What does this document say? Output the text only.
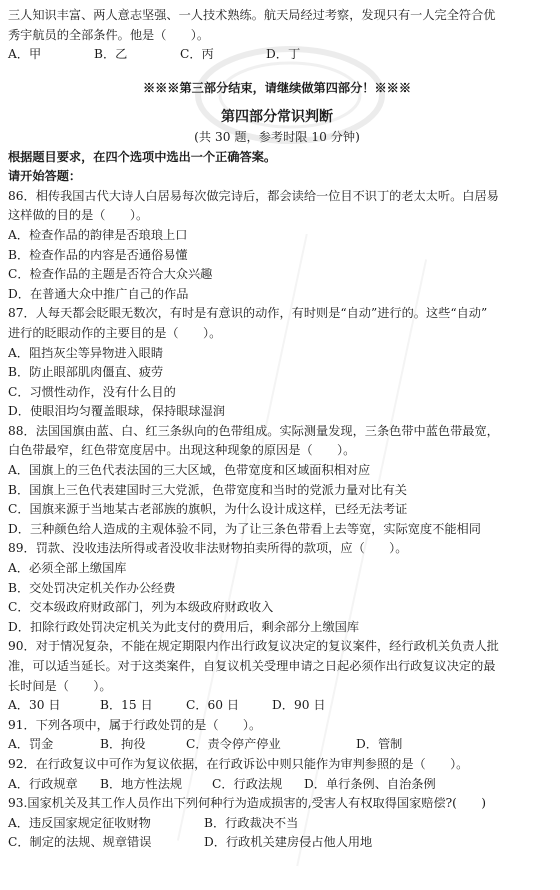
三人知识丰富、两人意志坚强、一人技术熟练。航天局经过考察，发现只有一人完全符合优
秀宇航员的全部条件。他是（　　）。
A．甲	B．乙	C．丙	D．丁
※※※第三部分结束，请继续做第四部分！※※※
第四部分常识判断
(共 30 题，参考时限 10 分钟)
根据题目要求，在四个选项中选出一个正确答案。
请开始答题：
86．相传我国古代大诗人白居易每次做完诗后，都会读给一位目不识丁的老太太听。白居易
这样做的目的是（　　）。
A．检查作品的韵律是否琅琅上口
B．检查作品的内容是否通俗易懂
C．检查作品的主题是否符合大众兴趣
D．在普通大众中推广自己的作品
87．人每天都会眨眼无数次，有时是有意识的动作，有时则是“自动”进行的。这些“自动”
进行的眨眼动作的主要目的是（　　）。
A．阻挡灰尘等异物进入眼睛
B．防止眼部肌肉僵直、疲劳
C．习惯性动作，没有什么目的
D．使眼泪均匀覆盖眼球，保持眼球湿润
88．法国国旗由蓝、白、红三条纵向的色带组成。实际测量发现，三条色带中蓝色带最宽，
白色带最窄，红色带宽度居中。出现这种现象的原因是（　　）。
A．国旗上的三色代表法国的三大区域，色带宽度和区域面积相对应
B．国旗上三色代表建国时三大党派，色带宽度和当时的党派力量对比有关
C．国旗来源于当地某古老部族的旗帜，为什么设计成这样，已经无法考证
D．三种颜色给人造成的主观体验不同，为了让三条色带看上去等宽，实际宽度不能相同
89．罚款、没收违法所得或者没收非法财物拍卖所得的款项，应（　　）。
A．必须全部上缴国库
B．交处罚决定机关作办公经费
C．交本级政府财政部门，列为本级政府财政收入
D．扣除行政处罚决定机关为此支付的费用后，剩余部分上缴国库
90．对于情况复杂，不能在规定期限内作出行政复议决定的复议案件，经行政机关负责人批
准，可以适当延长。对于这类案件，自复议机关受理申请之日起必须作出行政复议决定的最
长时间是（　　）。
A．30 日	B．15 日	C．60 日	D．90 日
91．下列各项中，属于行政处罚的是（　　）。
A．罚金	B．拘役	C．责令停产停业	D．管制
92．在行政复议中可作为复议依据，在行政诉讼中则只能作为审判参照的是（　　）。
A．行政规章	B．地方性法规	C．行政法规	D．单行条例、自治条例
93.国家机关及其工作人员作出下列何种行为造成损害的,受害人有权取得国家赔偿?(　　)
A．违反国家规定征收财物	B．行政裁决不当
C．制定的法规、规章错误	D．行政机关建房侵占他人用地
